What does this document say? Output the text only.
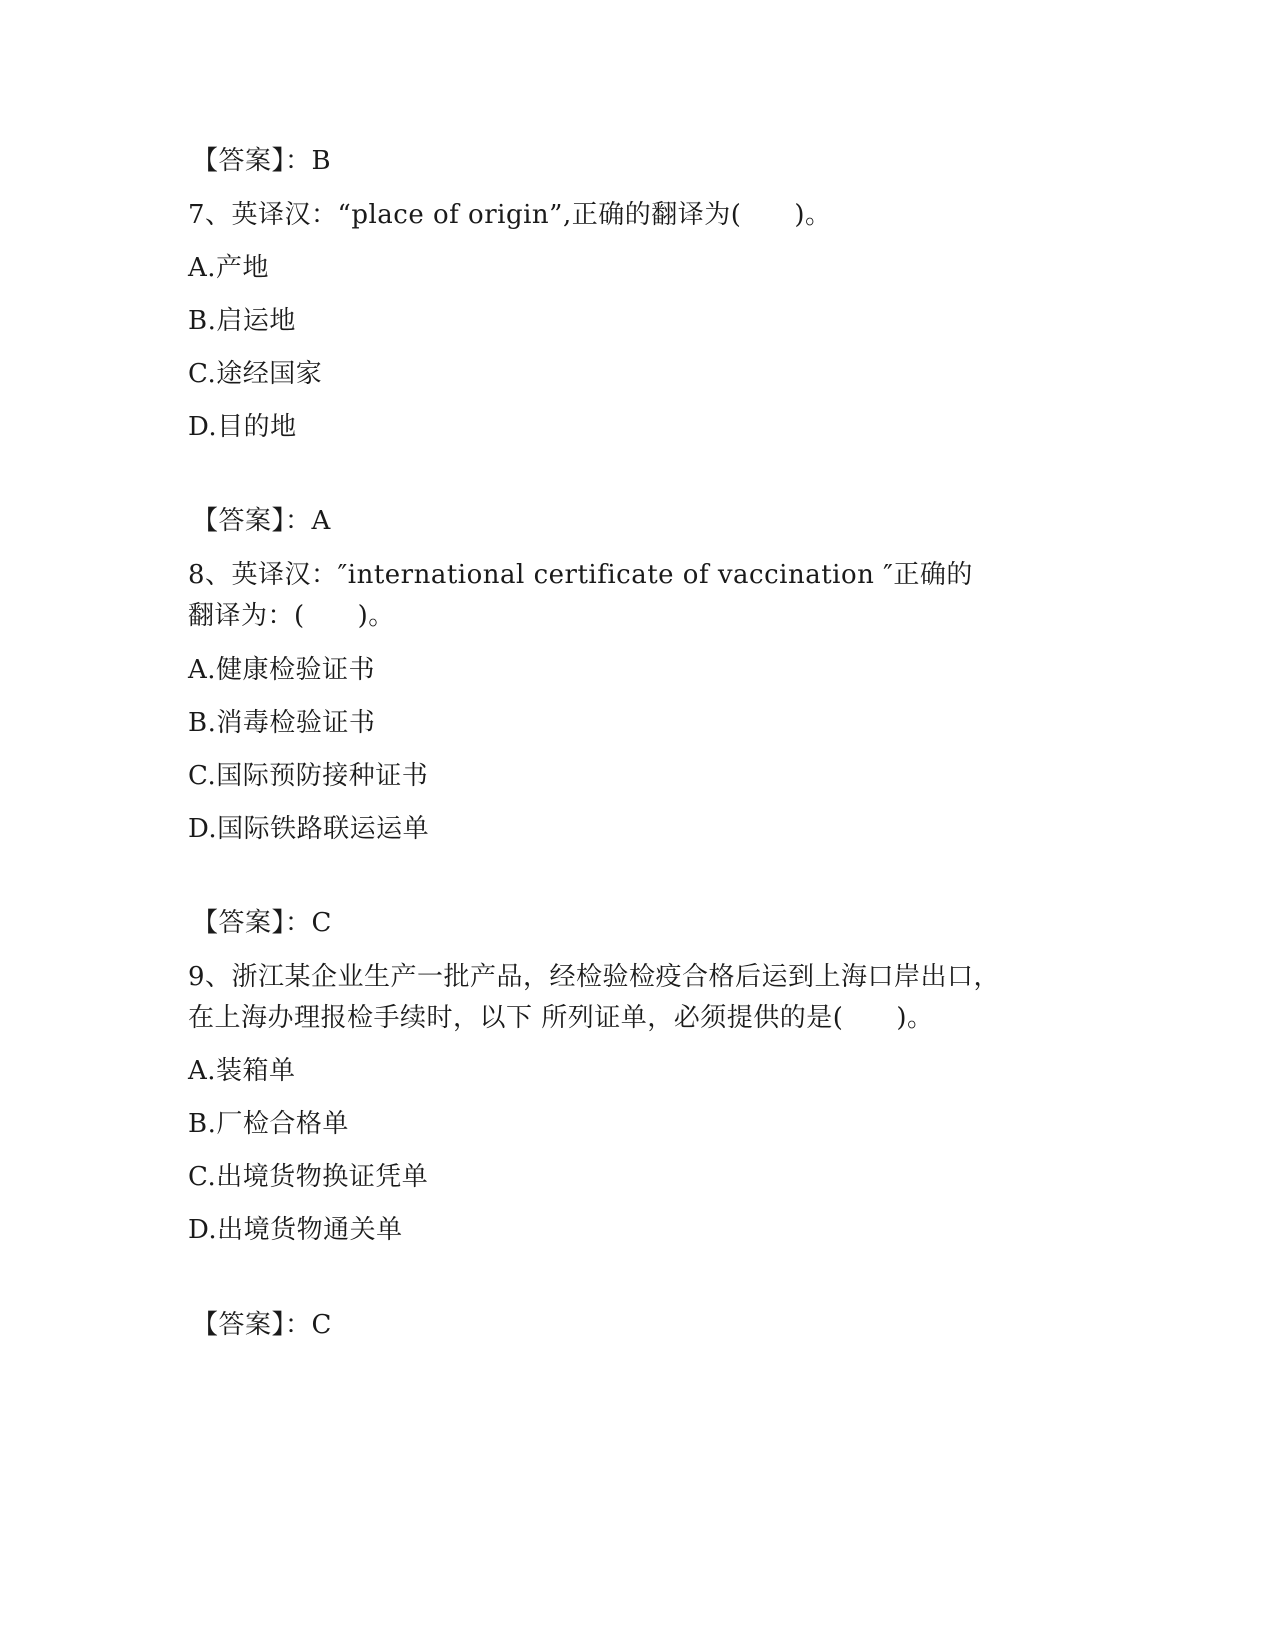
【答案】：B
7、英译汉：“place of origin”,正确的翻译为(　　)。
A.产地
B.启运地
C.途经国家
D.目的地
【答案】：A
8、英译汉：″international certificate of vaccination ″正确的
翻译为：(　　)。
A.健康检验证书
B.消毒检验证书
C.国际预防接种证书
D.国际铁路联运运单
【答案】：C
9、浙江某企业生产一批产品，经检验检疫合格后运到上海口岸出口，
在上海办理报检手续时，以下 所列证单，必须提供的是(　　)。
A.装箱单
B.厂检合格单
C.出境货物换证凭单
D.出境货物通关单
【答案】：C
